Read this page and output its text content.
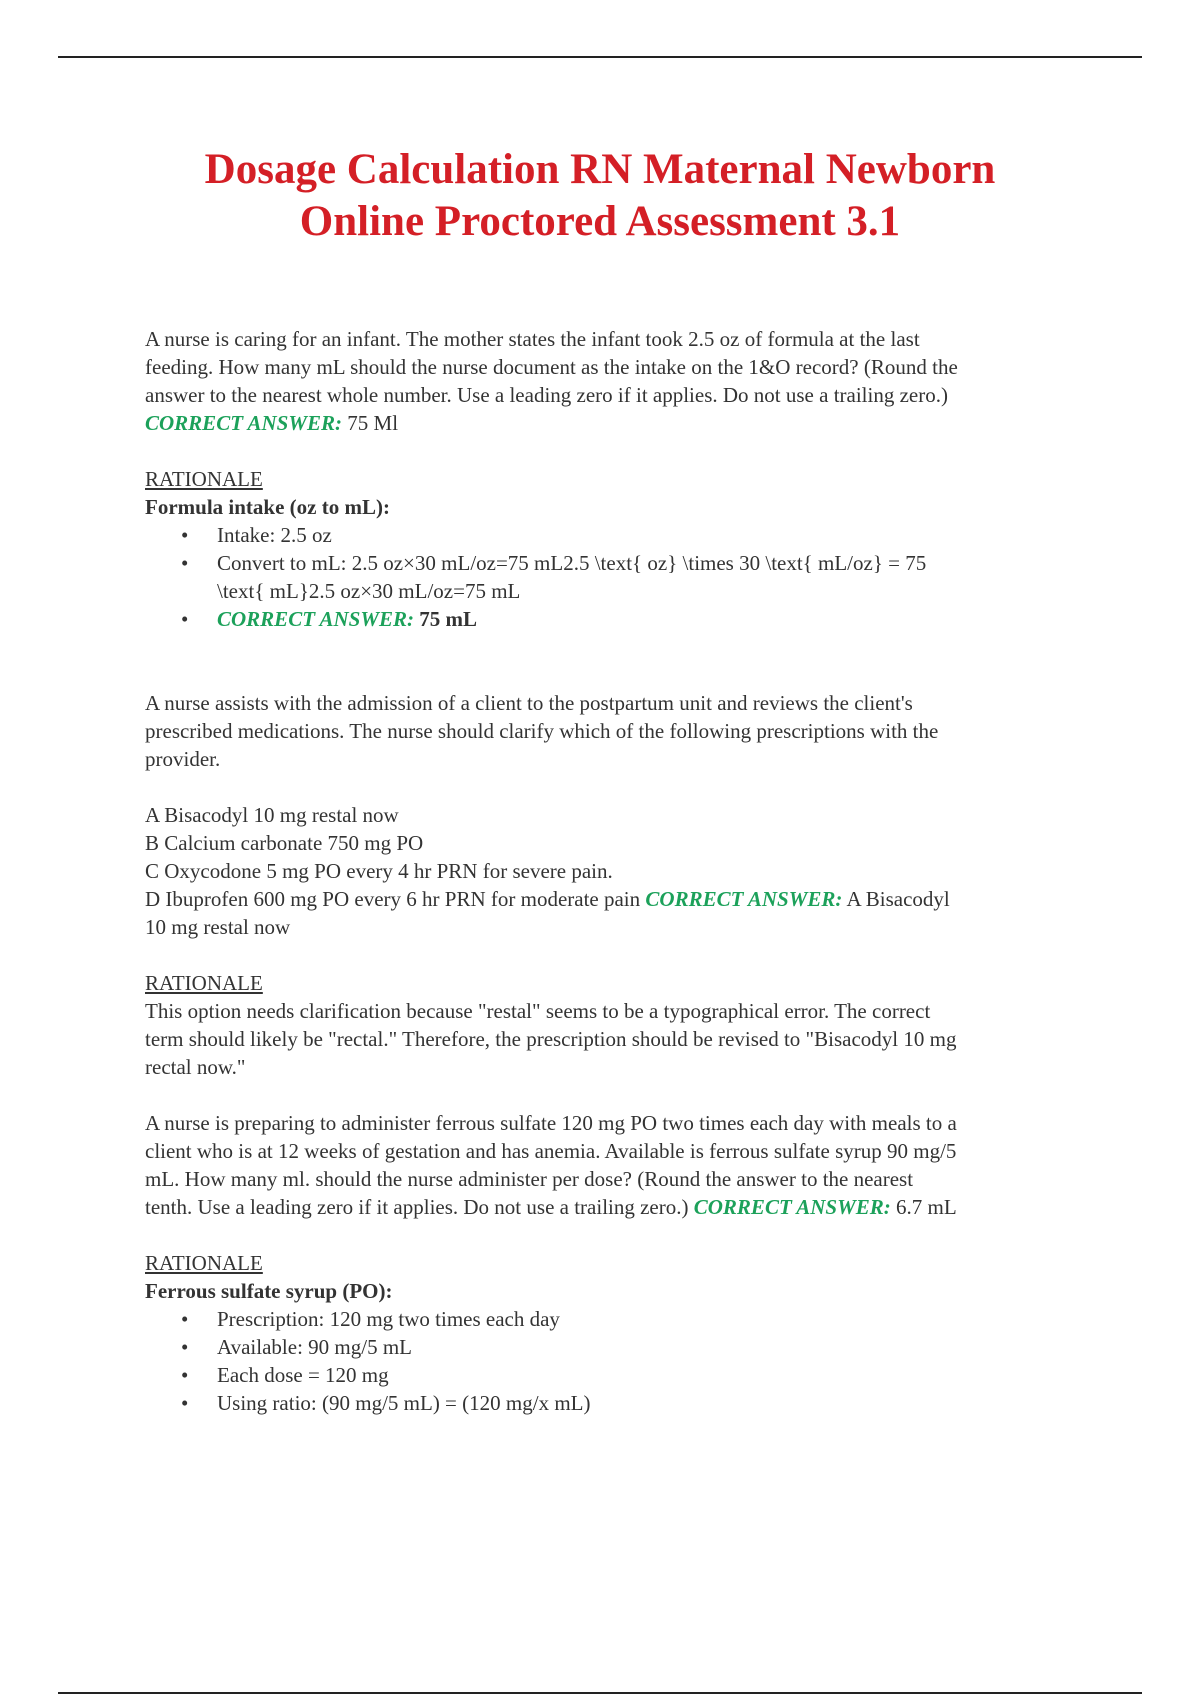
Dosage Calculation RN Maternal Newborn
Online Proctored Assessment 3.1

A nurse is caring for an infant. The mother states the infant took 2.5 oz of formula at the last

feeding. How many mL should the nurse document as the intake on the 1&O record? (Round the

answer to the nearest whole number. Use a leading zero if it applies. Do not use a trailing zero.)

CORRECT ANSWER: 75 Ml

RATIONALE

Formula intake (oz to mL):

• Intake: 2.5 oz
• Convert to mL: 2.5 oz×30 mL/oz=75 mL2.5 \text{ oz} \times 30 \text{ mL/oz} = 75
\text{ mL}2.5 oz×30 mL/oz=75 mL
• CORRECT ANSWER: 75 mL

A nurse assists with the admission of a client to the postpartum unit and reviews the client's

prescribed medications. The nurse should clarify which of the following prescriptions with the

provider.

A Bisacodyl 10 mg restal now

B Calcium carbonate 750 mg PO

C Oxycodone 5 mg PO every 4 hr PRN for severe pain.

D Ibuprofen 600 mg PO every 6 hr PRN for moderate pain CORRECT ANSWER: A Bisacodyl

10 mg restal now

RATIONALE

This option needs clarification because "restal" seems to be a typographical error. The correct

term should likely be "rectal." Therefore, the prescription should be revised to "Bisacodyl 10 mg

rectal now."

A nurse is preparing to administer ferrous sulfate 120 mg PO two times each day with meals to a

client who is at 12 weeks of gestation and has anemia. Available is ferrous sulfate syrup 90 mg/5

mL. How many ml. should the nurse administer per dose? (Round the answer to the nearest

tenth. Use a leading zero if it applies. Do not use a trailing zero.) CORRECT ANSWER: 6.7 mL

RATIONALE

Ferrous sulfate syrup (PO):

• Prescription: 120 mg two times each day
• Available: 90 mg/5 mL
• Each dose = 120 mg
• Using ratio: (90 mg/5 mL) = (120 mg/x mL)
